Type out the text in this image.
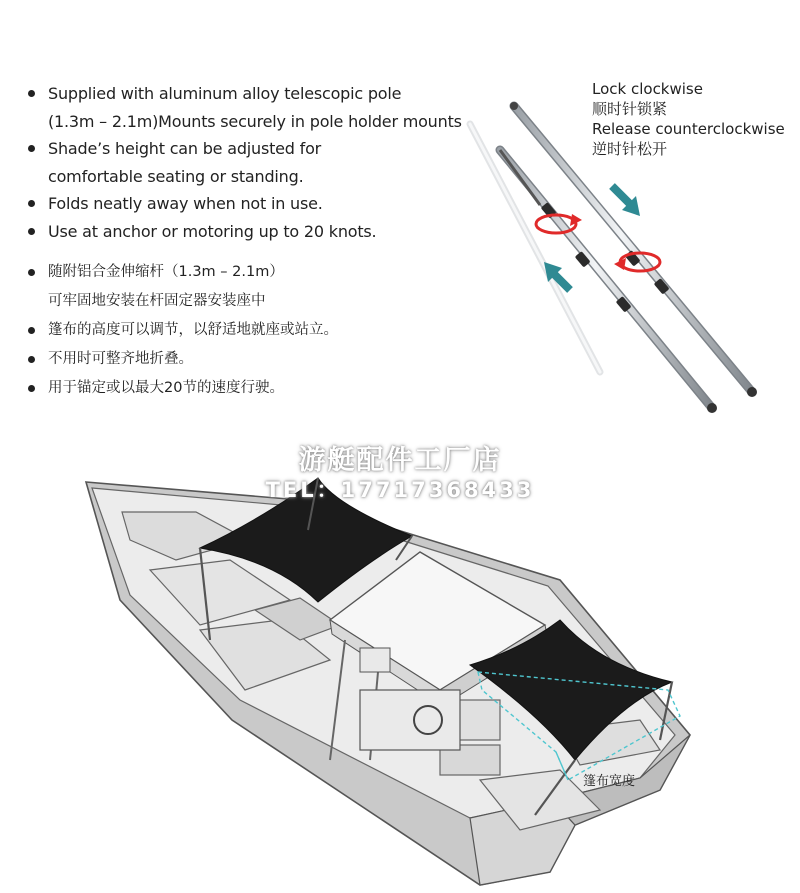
Supplied with aluminum alloy telescopic pole
(1.3m – 2.1m)Mounts securely in pole holder mounts
Shade’s height can be adjusted for
comfortable seating or standing.
Folds neatly away when not in use.
Use at anchor or motoring up to 20 knots.
随附铝合金伸缩杆（1.3m – 2.1m）
可牢固地安装在杆固定器安装座中
篷布的高度可以调节，以舒适地就座或站立。
不用时可整齐地折叠。
用于锚定或以最大20节的速度行驶。
Lock clockwise
顺时针锁紧
Release counterclockwise
逆时针松开
游艇配件工厂店
TEL：17717368433
篷布宽度
